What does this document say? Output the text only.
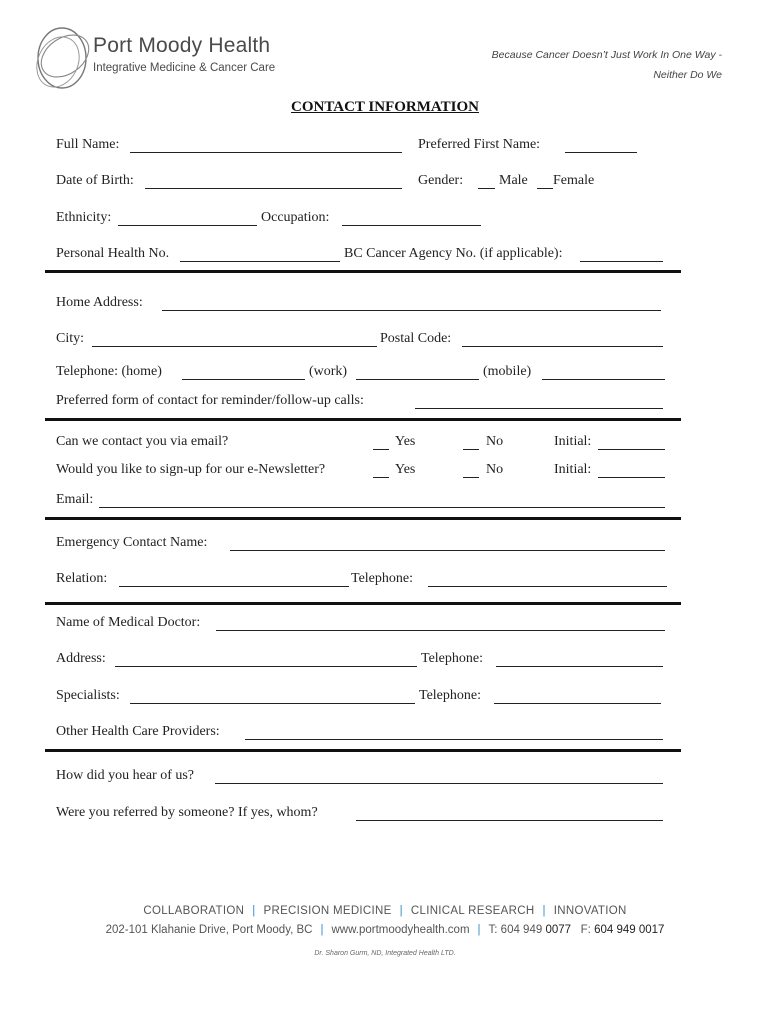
Port Moody Health
Integrative Medicine & Cancer Care
Because Cancer Doesn’t Just Work In One Way -
Neither Do We
CONTACT INFORMATION
Full Name:	Preferred First Name:
Date of Birth:	Gender:	Male Female
Ethnicity:	Occupation:
Personal Health No.	BC Cancer Agency No. (if applicable):
Home Address:
City:	Postal Code:
Telephone: (home)	(work)	(mobile)
Preferred form of contact for reminder/follow-up calls:
Can we contact you via email?	Yes	No	Initial:
Would you like to sign-up for our e-Newsletter?	Yes	No	Initial:
Email:
Emergency Contact Name:
Relation:	Telephone:
Name of Medical Doctor:
Address:	Telephone:
Specialists:	Telephone:
Other Health Care Providers:
How did you hear of us?
Were you referred by someone? If yes, whom?
COLLABORATION | PRECISION MEDICINE | CLINICAL RESEARCH | INNOVATION
202-101 Klahanie Drive, Port Moody, BC | www.portmoodyhealth.com | T: 604 949 0077 F: 604 949 0017
Dr. Sharon Gurm, ND, Integrated Health LTD.
